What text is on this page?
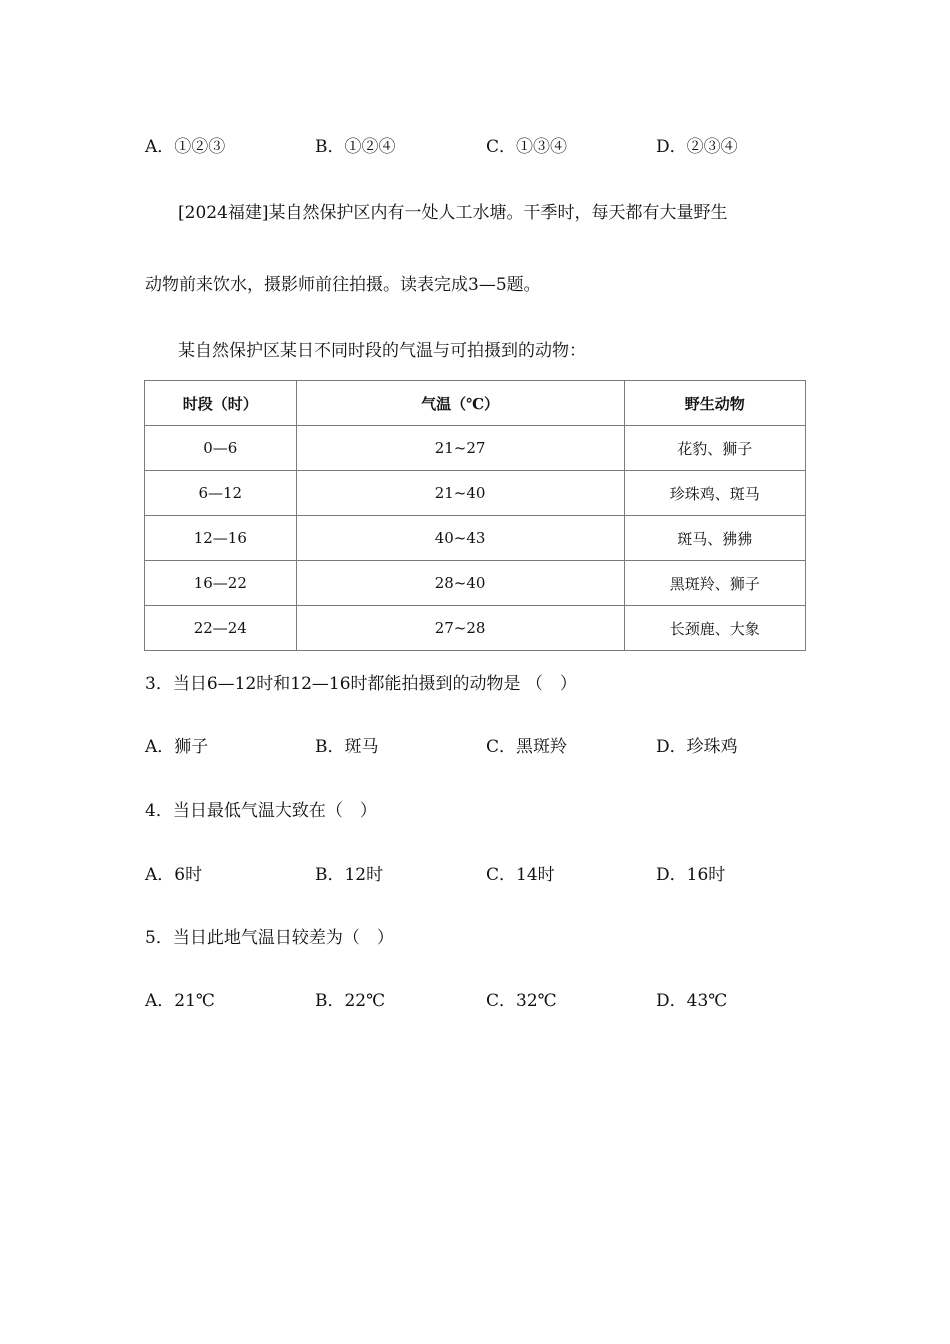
A．①②③	B．①②④	C．①③④	D．②③④
[2024福建]某自然保护区内有一处人工水塘。干季时，每天都有大量野生
动物前来饮水，摄影师前往拍摄。读表完成3—5题。
某自然保护区某日不同时段的气温与可拍摄到的动物：
时段（时）	气温（℃）	野生动物
0—6	21~27	花豹、狮子
6—12	21~40	珍珠鸡、斑马
12—16	40~43	斑马、狒狒
16—22	28~40	黑斑羚、狮子
22—24	27~28	长颈鹿、大象
3．当日6—12时和12—16时都能拍摄到的动物是 （　）
A．狮子	B．斑马	C．黑斑羚	D．珍珠鸡
4．当日最低气温大致在（　）
A．6时	B．12时	C．14时	D．16时
5．当日此地气温日较差为（　）
A．21℃	B．22℃	C．32℃	D．43℃
